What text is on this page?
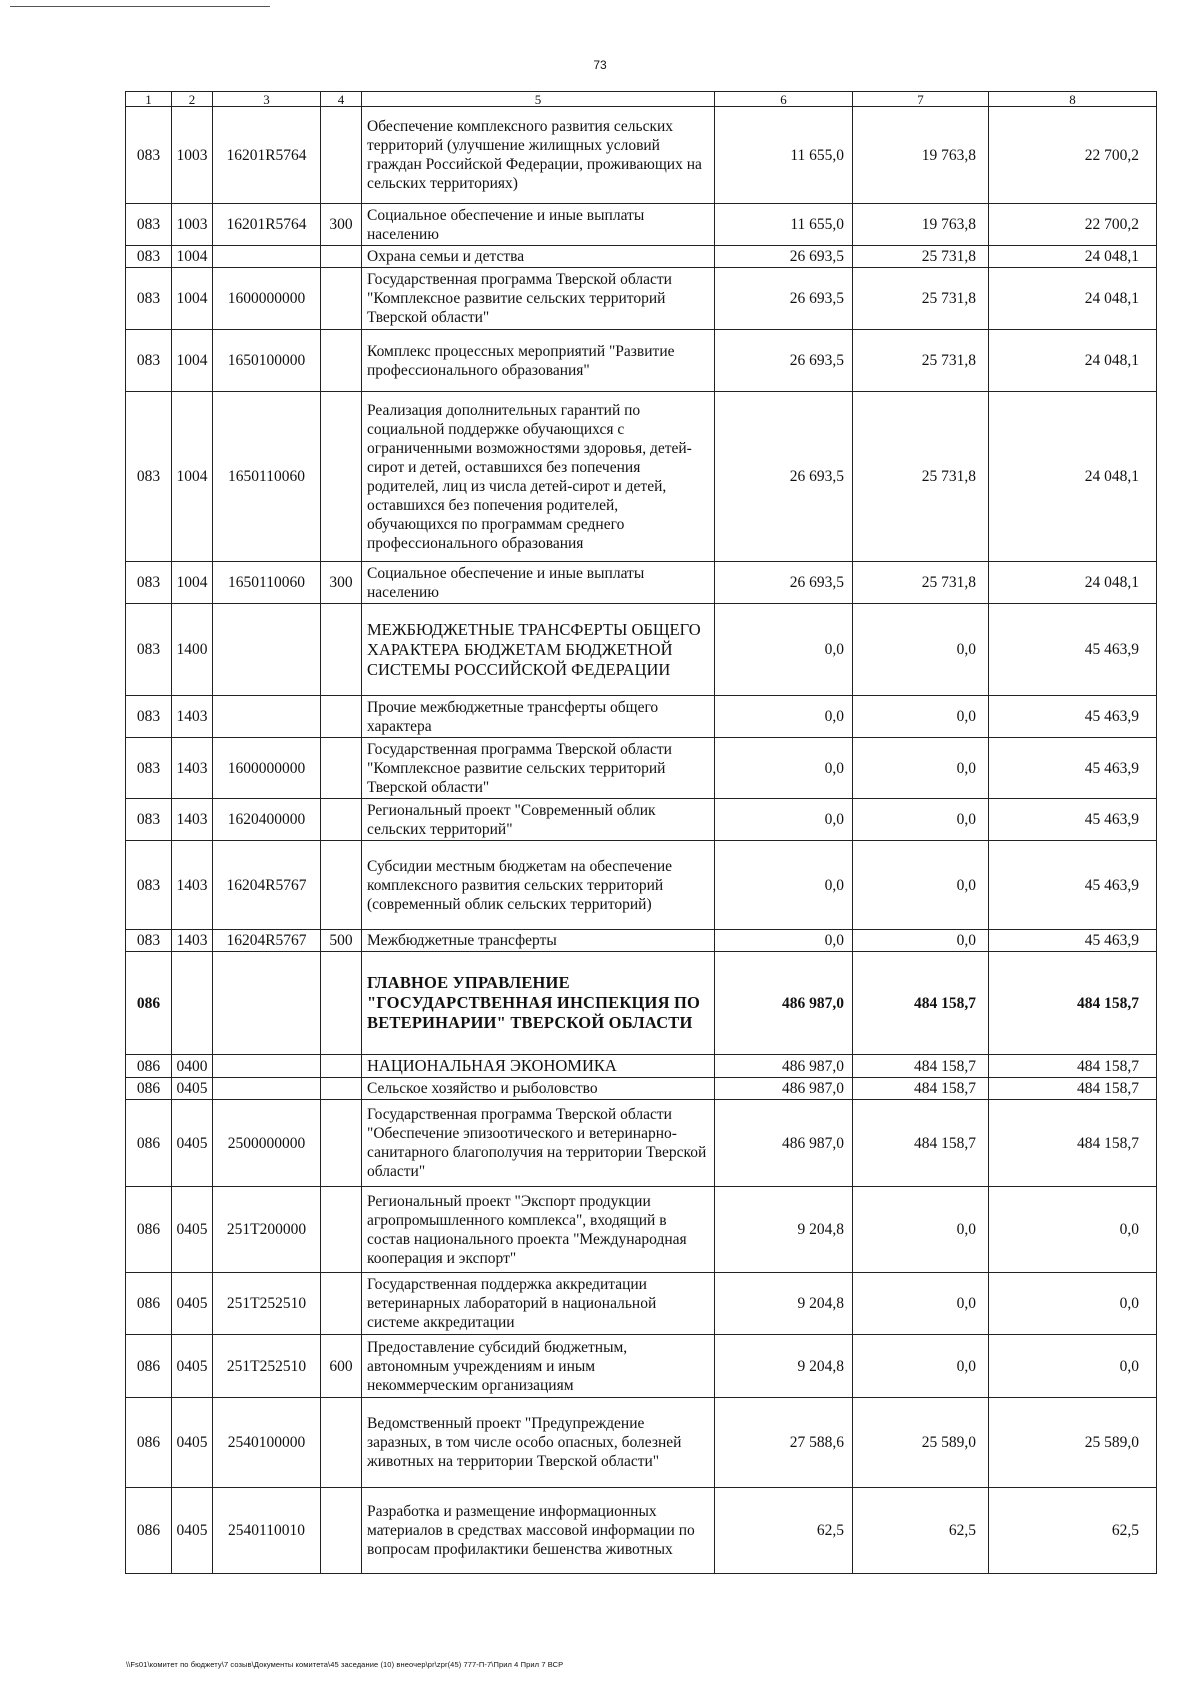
73
1	2	3	4	5	6	7	8
083	1003	16201R5764		Обеспечение комплексного развития сельских территорий (улучшение жилищных условий граждан Российской Федерации, проживающих на сельских территориях)	11 655,0	19 763,8	22 700,2
083	1003	16201R5764	300	Социальное обеспечение и иные выплаты населению	11 655,0	19 763,8	22 700,2
083	1004			Охрана семьи и детства	26 693,5	25 731,8	24 048,1
083	1004	1600000000		Государственная программа Тверской области "Комплексное развитие сельских территорий Тверской области"	26 693,5	25 731,8	24 048,1
083	1004	1650100000		Комплекс процессных мероприятий "Развитие профессионального образования"	26 693,5	25 731,8	24 048,1
083	1004	1650110060		Реализация дополнительных гарантий по социальной поддержке обучающихся с ограниченными возможностями здоровья, детей-сирот и детей, оставшихся без попечения родителей, лиц из числа детей-сирот и детей, оставшихся без попечения родителей, обучающихся по программам среднего профессионального образования	26 693,5	25 731,8	24 048,1
083	1004	1650110060	300	Социальное обеспечение и иные выплаты населению	26 693,5	25 731,8	24 048,1
083	1400			МЕЖБЮДЖЕТНЫЕ ТРАНСФЕРТЫ ОБЩЕГО ХАРАКТЕРА БЮДЖЕТАМ БЮДЖЕТНОЙ СИСТЕМЫ РОССИЙСКОЙ ФЕДЕРАЦИИ	0,0	0,0	45 463,9
083	1403			Прочие межбюджетные трансферты общего характера	0,0	0,0	45 463,9
083	1403	1600000000		Государственная программа Тверской области "Комплексное развитие сельских территорий Тверской области"	0,0	0,0	45 463,9
083	1403	1620400000		Региональный проект "Современный облик сельских территорий"	0,0	0,0	45 463,9
083	1403	16204R5767		Субсидии местным бюджетам на обеспечение комплексного развития сельских территорий (современный облик сельских территорий)	0,0	0,0	45 463,9
083	1403	16204R5767	500	Межбюджетные трансферты	0,0	0,0	45 463,9
086				ГЛАВНОЕ УПРАВЛЕНИЕ "ГОСУДАРСТВЕННАЯ ИНСПЕКЦИЯ ПО ВЕТЕРИНАРИИ" ТВЕРСКОЙ ОБЛАСТИ	486 987,0	484 158,7	484 158,7
086	0400			НАЦИОНАЛЬНАЯ ЭКОНОМИКА	486 987,0	484 158,7	484 158,7
086	0405			Сельское хозяйство и рыболовство	486 987,0	484 158,7	484 158,7
086	0405	2500000000		Государственная программа Тверской области "Обеспечение эпизоотического и ветеринарно-санитарного благополучия на территории Тверской области"	486 987,0	484 158,7	484 158,7
086	0405	251Т200000		Региональный проект "Экспорт продукции агропромышленного комплекса", входящий в состав национального проекта "Международная кооперация и экспорт"	9 204,8	0,0	0,0
086	0405	251Т252510		Государственная поддержка аккредитации ветеринарных лабораторий в национальной системе аккредитации	9 204,8	0,0	0,0
086	0405	251Т252510	600	Предоставление субсидий бюджетным, автономным учреждениям и иным некоммерческим организациям	9 204,8	0,0	0,0
086	0405	2540100000		Ведомственный проект "Предупреждение заразных, в том числе особо опасных, болезней животных на территории Тверской области"	27 588,6	25 589,0	25 589,0
086	0405	2540110010		Разработка и размещение информационных материалов в средствах массовой информации по вопросам профилактики бешенства животных	62,5	62,5	62,5
\\Fs01\комитет по бюджету\7 созыв\Документы комитета\45 заседание (10) внеочер\pr\zpr(45) 777-П-7\Прил 4 Прил 7 ВСР
